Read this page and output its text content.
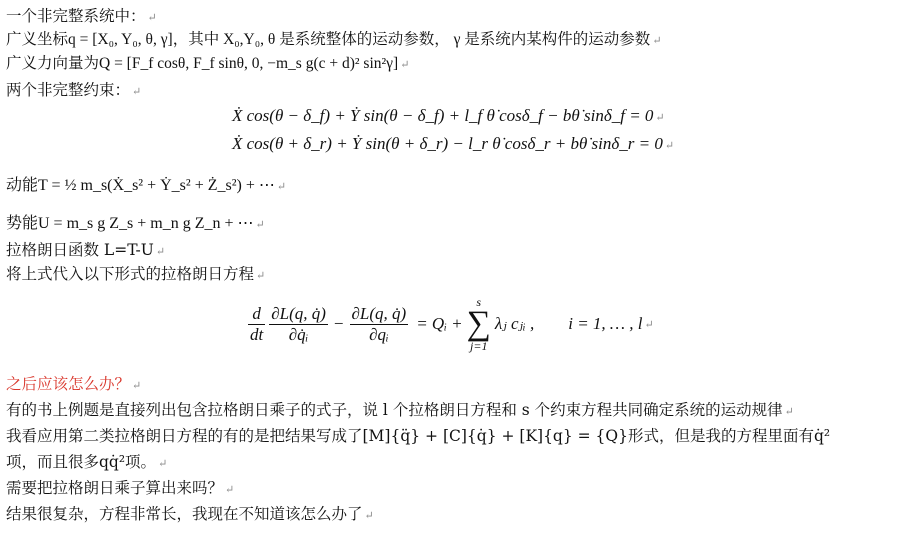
一个非完整系统中： ↵
广义坐标q = [X₀, Y₀, θ, γ]，其中 X₀,Y₀, θ 是系统整体的运动参数， γ 是系统内某构件的运动参数 ↵
广义力向量为Q = [F_f cosθ, F_f sinθ, 0, −m_s g(c + d)² sin²γ] ↵
两个非完整约束： ↵
Ẋ cos(θ − δ_f) + Ẏ sin(θ − δ_f) + l_f θ̇ cosδ_f − bθ̇ sinδ_f = 0 ↵
Ẋ cos(θ + δ_r) + Ẏ sin(θ + δ_r) − l_r θ̇ cosδ_r + bθ̇ sinδ_r = 0 ↵
动能T = ½ m_s(Ẋ_s² + Ẏ_s² + Ż_s²) + ⋯ ↵
势能U = m_s g Z_s + m_n g Z_n + ⋯ ↵
拉格朗日函数 L=T-U ↵
将上式代入以下形式的拉格朗日方程 ↵
$\frac{d}{dt} \frac{\partial L(q, q̇)}{\text{∂q̇ᵢ}} - \frac{\partial L(q, q̇)}{\text{∂qᵢ}}$ = Qᵢ +
s
∑
j=1
λⱼ cⱼᵢ , i = 1, … , l ↵
之后应该怎么办？ ↵
有的书上例题是直接列出包含拉格朗日乘子的式子，说 l 个拉格朗日方程和 s 个约束方程共同确定系统的运动规律 ↵
我看应用第二类拉格朗日方程的有的是把结果写成了[M]{q̈} + [C]{q̇} + [K]{q} = {Q}形式，但是我的方程里面有q̇²
项，而且很多qq̇²项。 ↵
需要把拉格朗日乘子算出来吗？ ↵
结果很复杂，方程非常长，我现在不知道该怎么办了 ↵
